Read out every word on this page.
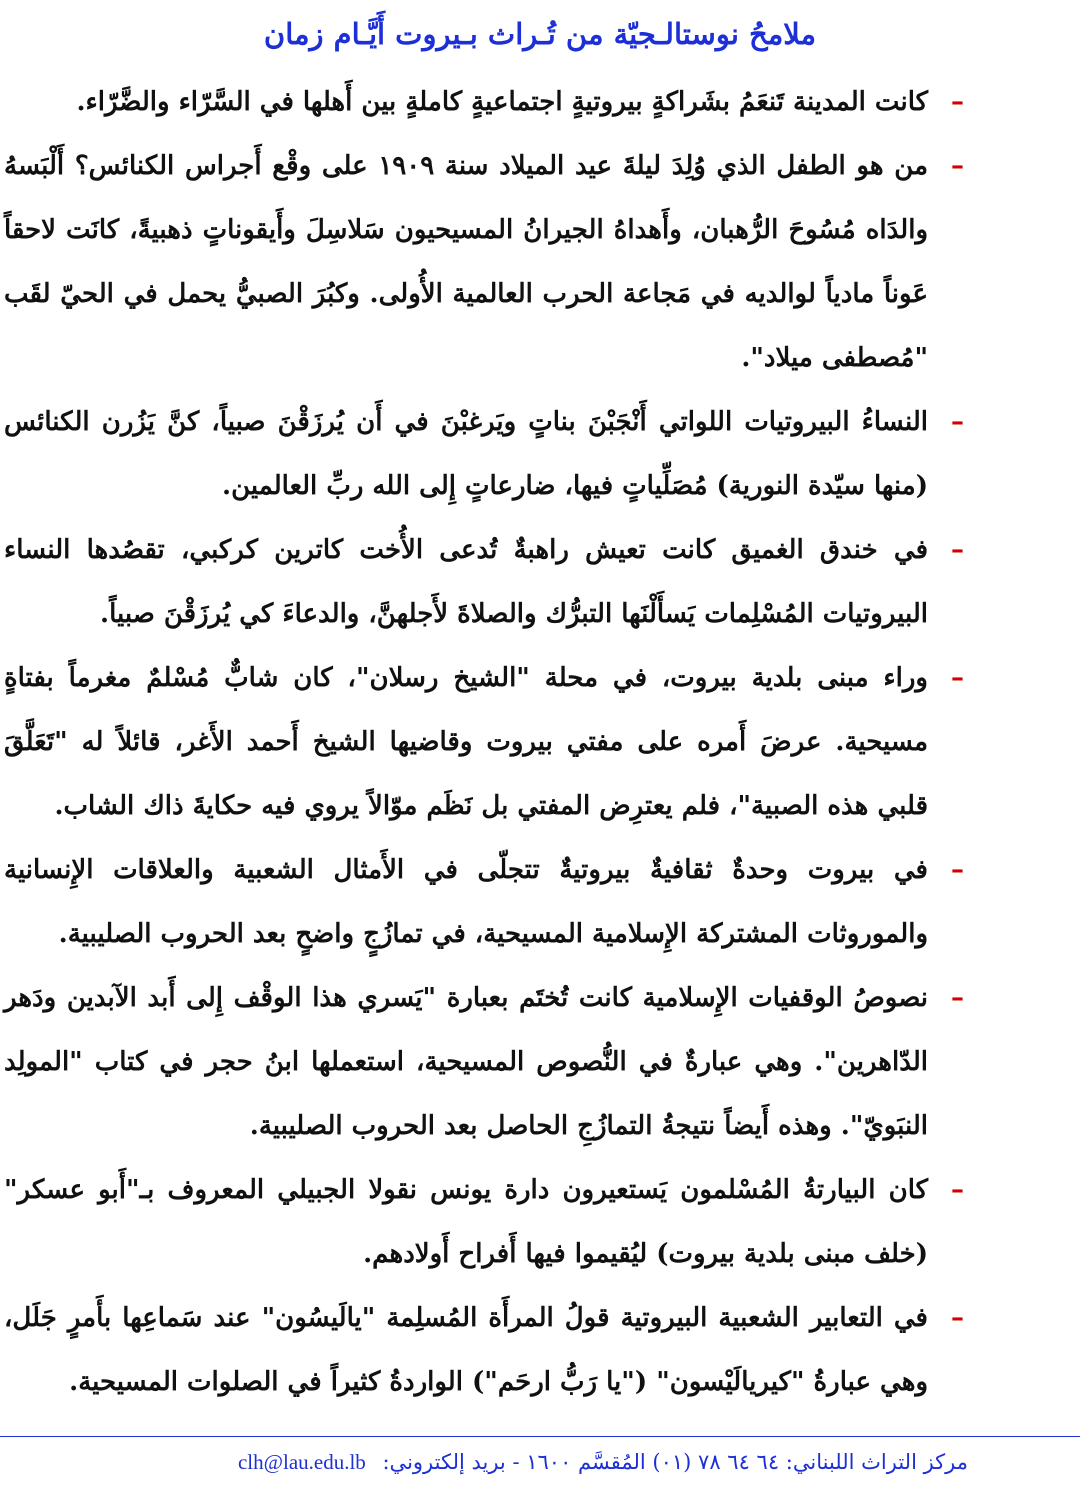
ملامحُ نوستالـجيّة من تُـراث بـيروت أَيَّـام زمان
–
كانت المدينة تَنعَمُ بشَراكةٍ بيروتيةٍ اجتماعيةٍ كاملةٍ بين أَهلها في السَّرّاء والضَّرّاء.
–
من هو الطفل الذي وُلِدَ ليلةَ عيد الميلاد سنة ١٩٠٩ على وقْع أَجراس الكنائس؟ أَلْبَسهُ والدَاه مُسُوحَ الرُّهبان، وأَهداهُ الجيرانُ المسيحيون سَلاسِلَ وأَيقوناتٍ ذهبيةً، كانَت لاحقاً عَوناً مادياً لوالديه في مَجاعة الحرب العالمية الأُولى. وكبُرَ الصبيُّ يحمل في الحيّ لقَب "مُصطفى ميلاد".
–
النساءُ البيروتيات اللواتي أَنْجَبْنَ بناتٍ ويَرغبْنَ في أَن يُرزَقْنَ صبياً، كنَّ يَزُرن الكنائس (منها سيّدة النورية) مُصَلِّياتٍ فيها، ضارعاتٍ إِلى الله ربِّ العالمين.
–
في خندق الغميق كانت تعيش راهبةٌ تُدعى الأُخت كاترين كركبي، تقصُدها النساء البيروتيات المُسْلِمات يَسأَلْنَها التبرُّك والصلاةَ لأَجلهنَّ، والدعاءَ كي يُرزَقْنَ صبياً.
–
وراء مبنى بلدية بيروت، في محلة "الشيخ رسلان"، كان شابٌّ مُسْلمٌ مغرماً بفتاةٍ مسيحية. عرضَ أَمره على مفتي بيروت وقاضيها الشيخ أَحمد الأَغر، قائلاً له "تَعَلَّقَ قلبي هذه الصبية"، فلم يعترِض المفتي بل نَظَم موّالاً يروي فيه حكايةَ ذاك الشاب.
–
في بيروت وحدةٌ ثقافيةٌ بيروتيةٌ تتجلّى في الأَمثال الشعبية والعلاقات الإِنسانية والموروثات المشتركة الإِسلامية المسيحية، في تمازُجٍ واضحٍ بعد الحروب الصليبية.
–
نصوصُ الوقفيات الإِسلامية كانت تُختَم بعبارة "يَسري هذا الوقْف إِلى أَبد الآبدين ودَهر الدّاهرين". وهي عبارةٌ في النُّصوص المسيحية، استعملها ابنُ حجر في كتاب "المولِد النبَويّ". وهذه أَيضاً نتيجةُ التمازُجِ الحاصل بعد الحروب الصليبية.
–
كان البيارتةُ المُسْلمون يَستعيرون دارة يونس نقولا الجبيلي المعروف بـ"أَبو عسكر" (خلف مبنى بلدية بيروت) ليُقيموا فيها أَفراح أَولادهم.
–
في التعابير الشعبية البيروتية قولُ المرأَة المُسلِمة "يالَيسُون" عند سَماعِها بأَمرٍ جَلَل، وهي عبارةُ "كيريالَيْسون" ("يا رَبُّ ارحَم") الواردةُ كثيراً في الصلوات المسيحية.
مركز التراث اللبناني: ٦٤ ٦٤ ٧٨ (٠١) المُقسَّم ١٦٠٠ - بريد إلكتروني: clh@lau.edu.lb
